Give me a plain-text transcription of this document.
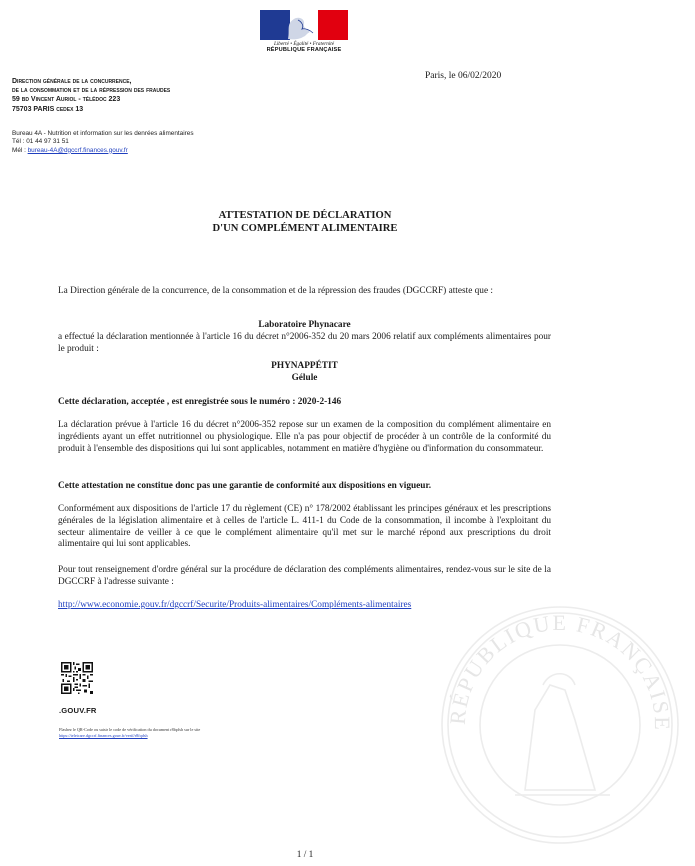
Liberté • Égalité • Fraternité
RÉPUBLIQUE FRANÇAISE
Paris, le 06/02/2020
Direction générale de la concurrence,
de la consommation et de la répression des fraudes
59 bd Vincent Auriol - télédoc 223
75703 PARIS cedex 13
Bureau 4A - Nutrition et information sur les denrées alimentaires
Tél : 01 44 97 31 51
Mél : bureau-4A@dgccrf.finances.gouv.fr
ATTESTATION DE DÉCLARATION
D'UN COMPLÉMENT ALIMENTAIRE
La Direction générale de la concurrence, de la consommation et de la répression des fraudes (DGCCRF) atteste que :
Laboratoire Phynacare
a effectué la déclaration mentionnée à l'article 16 du décret n°2006-352 du 20 mars 2006 relatif aux compléments alimentaires pour le produit :
PHYNAPPÉTIT
Gélule
Cette déclaration, acceptée , est enregistrée sous le numéro : 2020-2-146
La déclaration prévue à l'article 16 du décret n°2006-352 repose sur un examen de la composition du complément alimentaire en ingrédients ayant un effet nutritionnel ou physiologique. Elle n'a pas pour objectif de procéder à un contrôle de la conformité du produit à l'ensemble des dispositions qui lui sont applicables, notamment en matière d'hygiène ou d'information du consommateur.
Cette attestation ne constitue donc pas une garantie de conformité aux dispositions en vigueur.
Conformément aux dispositions de l'article 17 du règlement (CE) n° 178/2002 établissant les principes généraux et les prescriptions générales de la législation alimentaire et à celles de l'article L. 411-1 du Code de la consommation, il incombe à l'exploitant du secteur alimentaire de veiller à ce que le complément alimentaire qu'il met sur le marché répond aux prescriptions du droit alimentaire qui lui sont applicables.
Pour tout renseignement d'ordre général sur la procédure de déclaration des compléments alimentaires, rendez-vous sur le site de la DGCCRF à l'adresse suivante :
http://www.economie.gouv.fr/dgccrf/Securite/Produits-alimentaires/Compléments-alimentaires
.GOUV.FR
Flashez le QR-Code ou saisir le code de vérification du document r8fqdsh sur le site https://teleicare.dgccrf.finances.gouv.fr/verif/r8fqdsh
RÉPUBLIQUE FRANÇAISE
1 / 1
